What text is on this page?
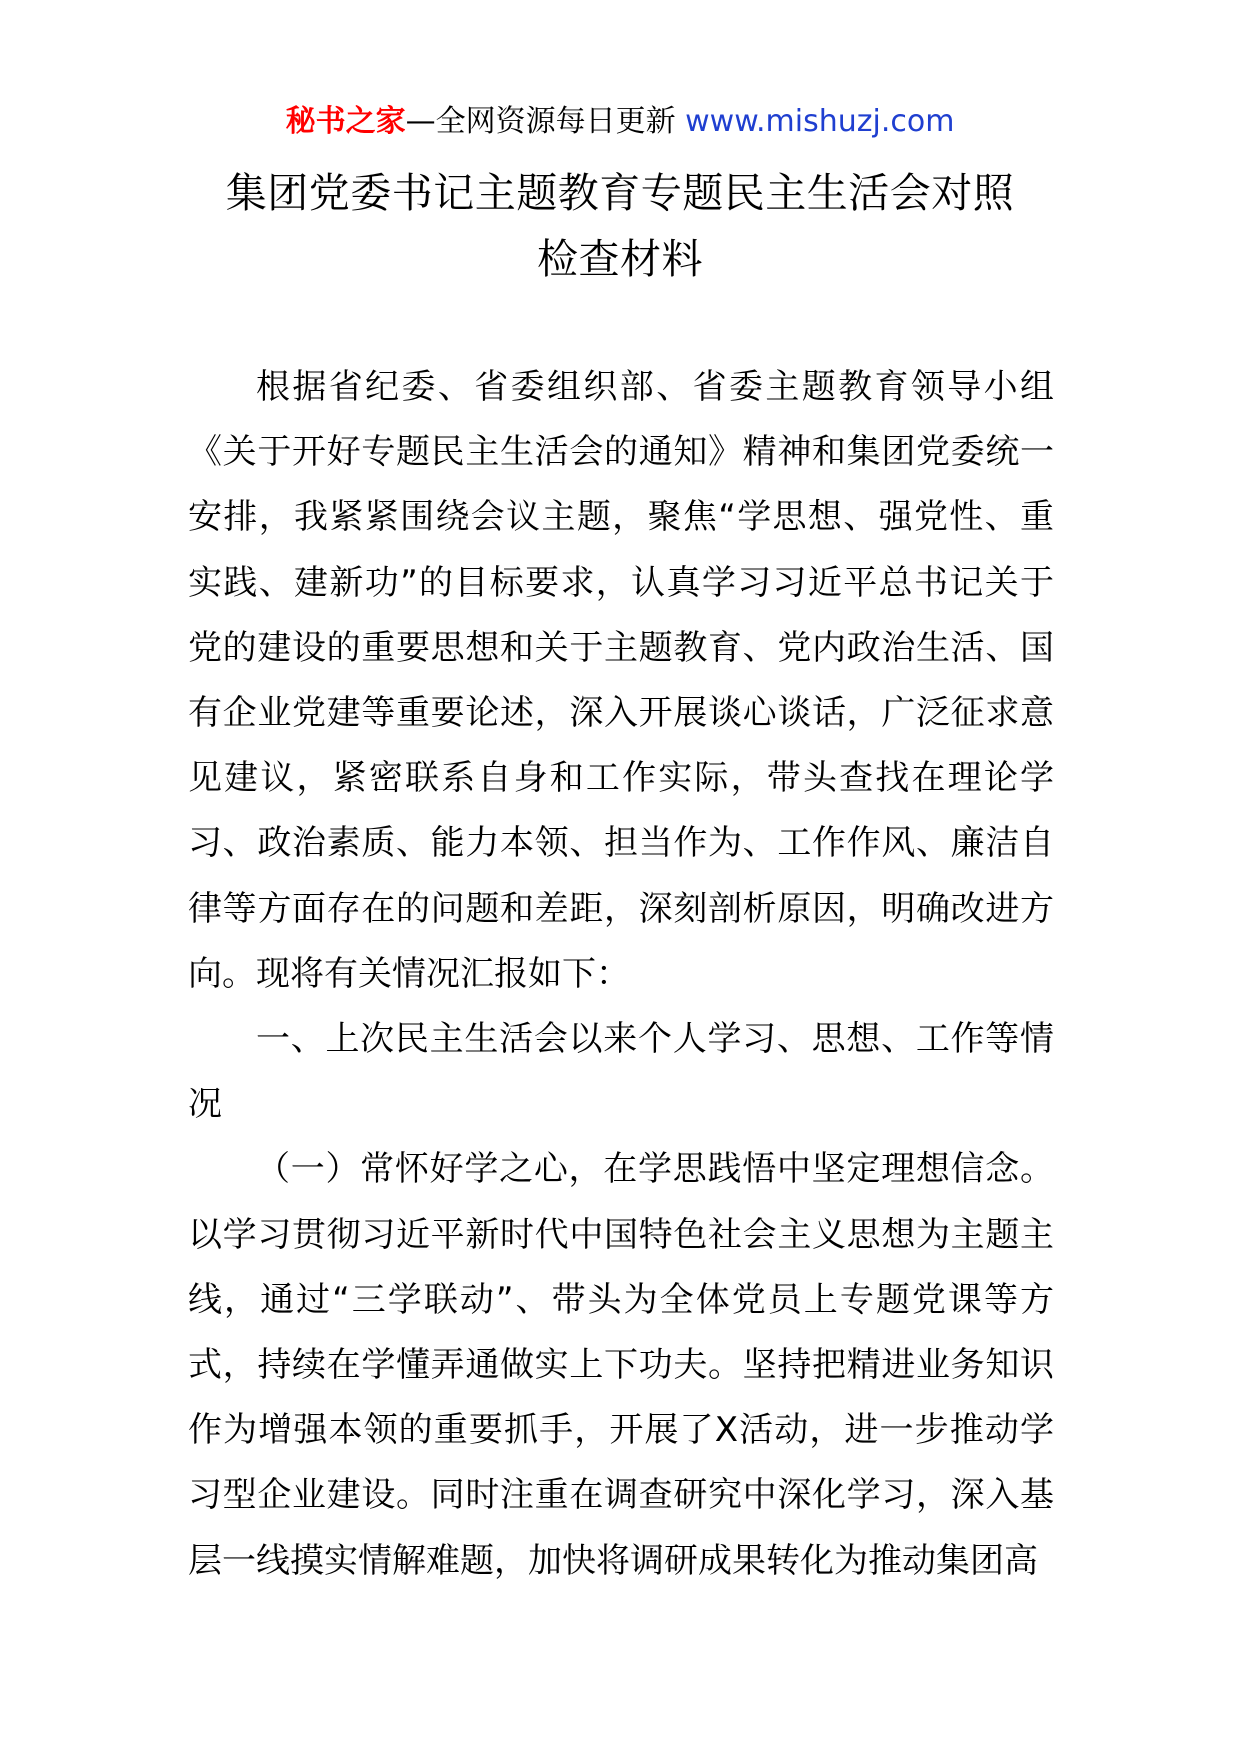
秘书之家—全网资源每日更新 www.mishuzj.com
集团党委书记主题教育专题民主生活会对照
检查材料

根据省纪委、省委组织部、省委主题教育领导小组《关于开好专题民主生活会的通知》精神和集团党委统一安排，我紧紧围绕会议主题，聚焦“学思想、强党性、重实践、建新功”的目标要求，认真学习习近平总书记关于党的建设的重要思想和关于主题教育、党内政治生活、国有企业党建等重要论述，深入开展谈心谈话，广泛征求意见建议，紧密联系自身和工作实际，带头查找在理论学习、政治素质、能力本领、担当作为、工作作风、廉洁自律等方面存在的问题和差距，深刻剖析原因，明确改进方向。现将有关情况汇报如下：

一、上次民主生活会以来个人学习、思想、工作等情况

（一）常怀好学之心，在学思践悟中坚定理想信念。以学习贯彻习近平新时代中国特色社会主义思想为主题主线，通过“三学联动”、带头为全体党员上专题党课等方式，持续在学懂弄通做实上下功夫。坚持把精进业务知识作为增强本领的重要抓手，开展了X活动，进一步推动学习型企业建设。同时注重在调查研究中深化学习，深入基层一线摸实情解难题，加快将调研成果转化为推动集团高
